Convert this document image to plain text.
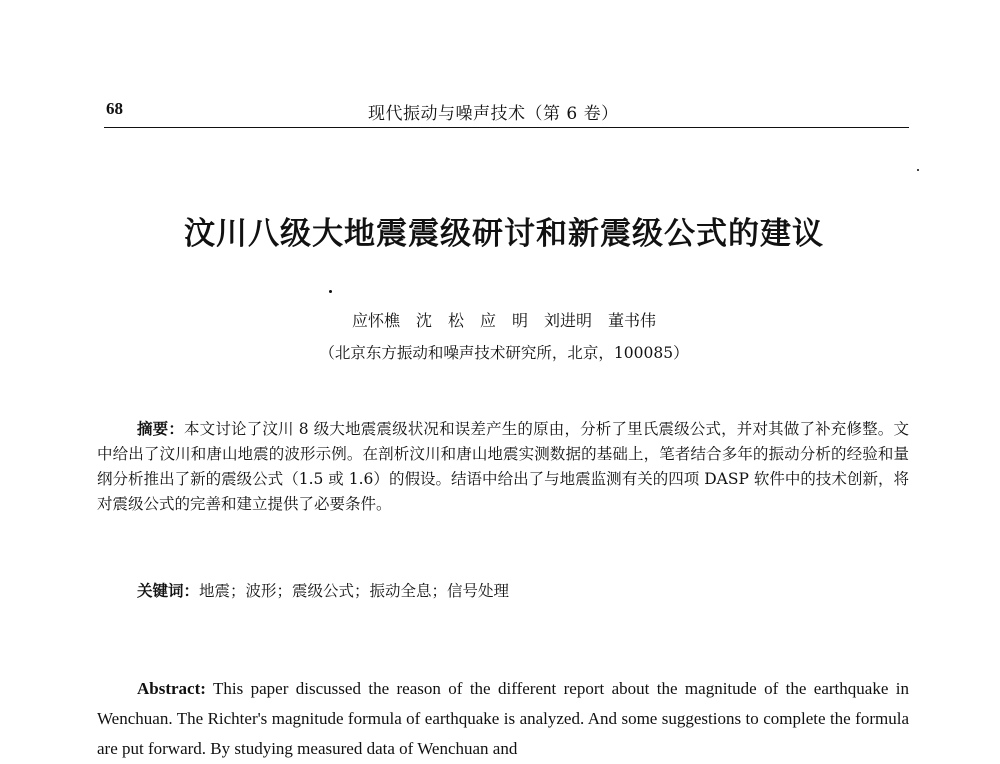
68	现代振动与噪声技术（第 6 卷）
汶川八级大地震震级研讨和新震级公式的建议
应怀樵　沈　松　应　明　刘进明　董书伟
（北京东方振动和噪声技术研究所，北京，100085）

摘要：本文讨论了汶川 8 级大地震震级状况和误差产生的原由，分析了里氏震级公式，并对其做了补充修整。文中给出了汶川和唐山地震的波形示例。在剖析汶川和唐山地震实测数据的基础上，笔者结合多年的振动分析的经验和量纲分析推出了新的震级公式（1.5 或 1.6）的假设。结语中给出了与地震监测有关的四项 DASP 软件中的技术创新，将对震级公式的完善和建立提供了必要条件。

关键词：地震；波形；震级公式；振动全息；信号处理

Abstract: This paper discussed the reason of the different report about the magnitude of the earthquake in Wenchuan. The Richter's magnitude formula of earthquake is analyzed. And some suggestions to complete the formula are put forward. By studying measured data of Wenchuan and
